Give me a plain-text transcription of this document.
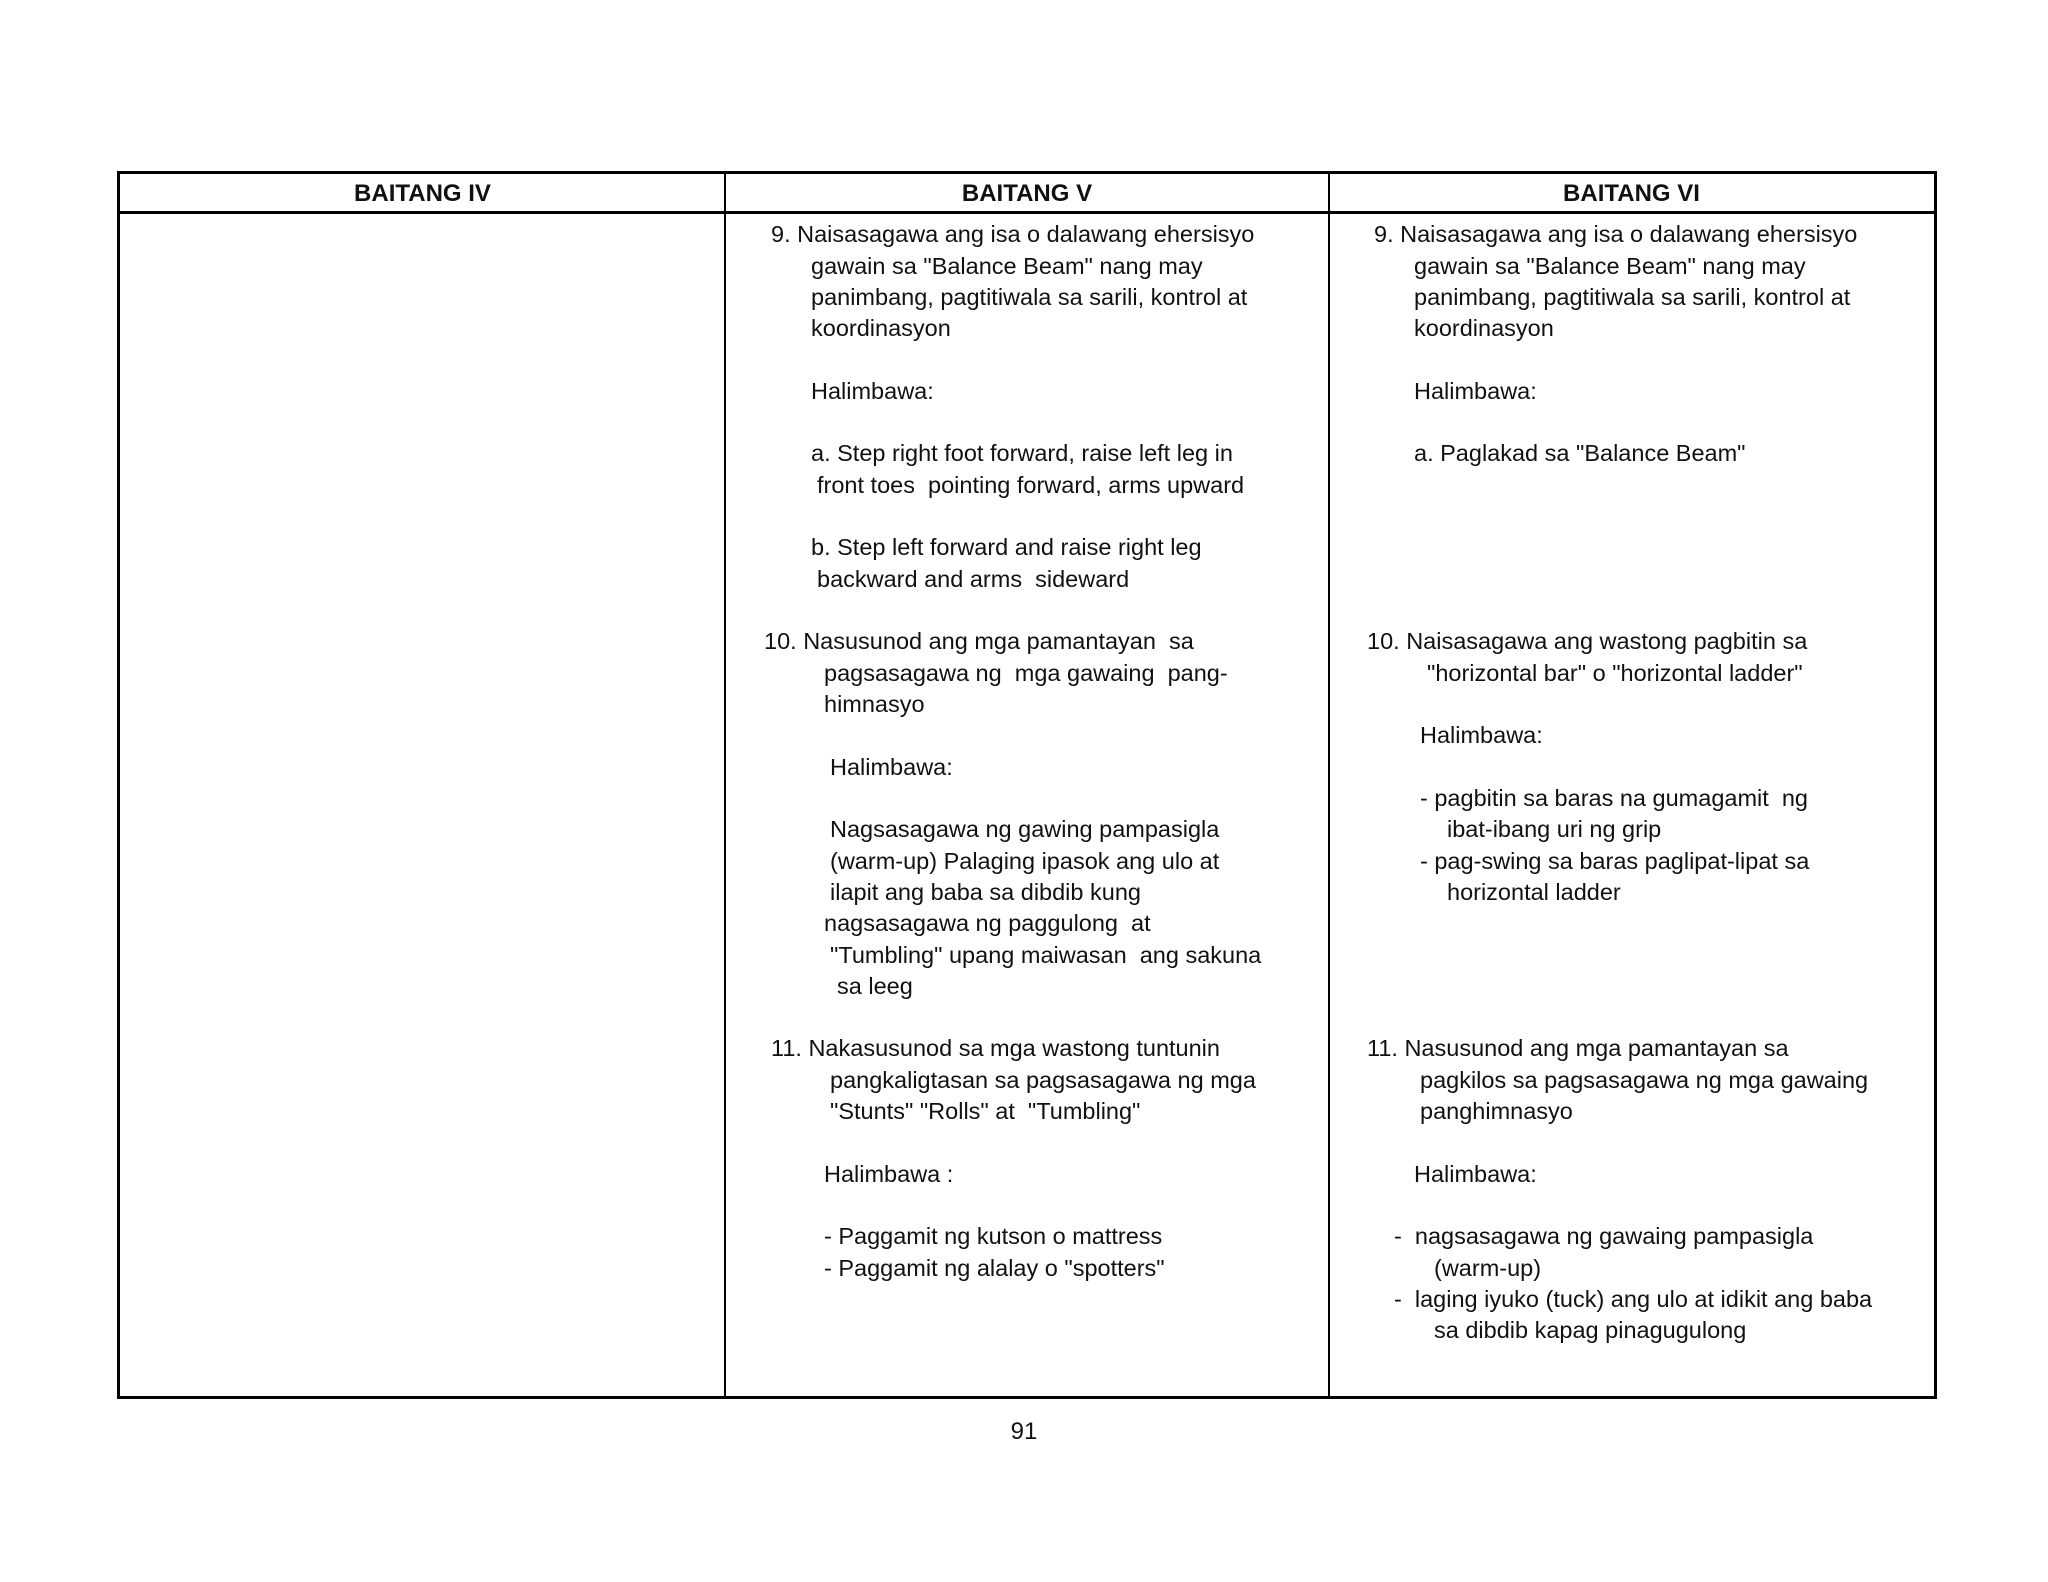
BAITANG IV	BAITANG V	BAITANG VI
9. Naisasagawa ang isa o dalawang ehersisyo
gawain sa "Balance Beam" nang may
panimbang, pagtitiwala sa sarili, kontrol at
koordinasyon
Halimbawa:
a. Step right foot forward, raise left leg in
front toes  pointing forward, arms upward
b. Step left forward and raise right leg
backward and arms  sideward
10. Nasusunod ang mga pamantayan  sa
pagsasagawa ng  mga gawaing  pang-
himnasyo
Halimbawa:
Nagsasagawa ng gawing pampasigla
(warm-up) Palaging ipasok ang ulo at
ilapit ang baba sa dibdib kung
nagsasagawa ng paggulong  at
"Tumbling" upang maiwasan  ang sakuna
sa leeg
11. Nakasusunod sa mga wastong tuntunin
pangkaligtasan sa pagsasagawa ng mga
"Stunts" "Rolls" at  "Tumbling"
Halimbawa :
- Paggamit ng kutson o mattress
- Paggamit ng alalay o "spotters"
9. Naisasagawa ang isa o dalawang ehersisyo
gawain sa "Balance Beam" nang may
panimbang, pagtitiwala sa sarili, kontrol at
koordinasyon
Halimbawa:
a. Paglakad sa "Balance Beam"
10. Naisasagawa ang wastong pagbitin sa
"horizontal bar" o "horizontal ladder"
Halimbawa:
- pagbitin sa baras na gumagamit  ng
ibat-ibang uri ng grip
- pag-swing sa baras paglipat-lipat sa
horizontal ladder
11. Nasusunod ang mga pamantayan sa
pagkilos sa pagsasagawa ng mga gawaing
panghimnasyo
Halimbawa:
-  nagsasagawa ng gawaing pampasigla
(warm-up)
-  laging iyuko (tuck) ang ulo at idikit ang baba
sa dibdib kapag pinagugulong
91
